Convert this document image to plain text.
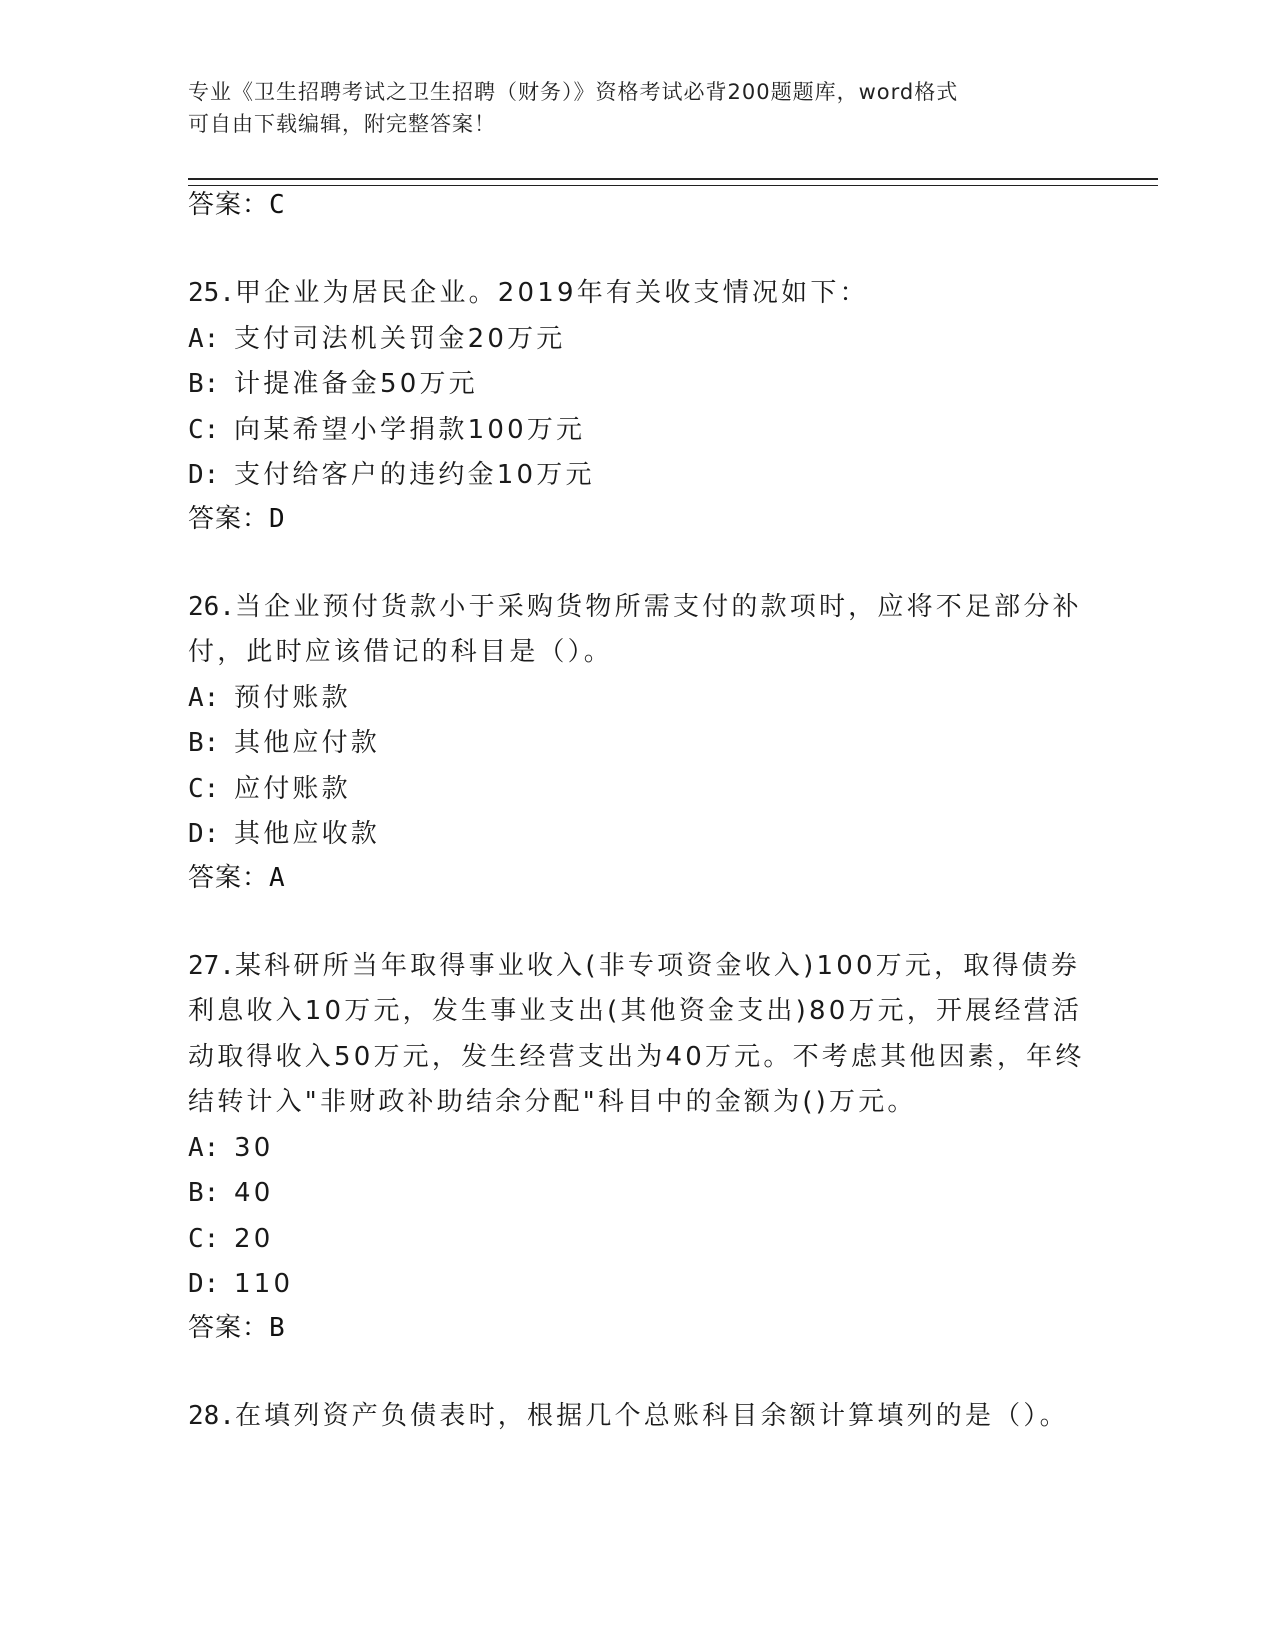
专业《卫生招聘考试之卫生招聘（财务）》资格考试必背200题题库，word格式
可自由下载编辑，附完整答案！
答案： C
25.甲企业为居民企业。2019年有关收支情况如下：
A: 支付司法机关罚金20万元
B: 计提准备金50万元
C: 向某希望小学捐款100万元
D: 支付给客户的违约金10万元
答案： D
26.当企业预付货款小于采购货物所需支付的款项时，应将不足部分补付，此时应该借记的科目是（）。
A: 预付账款
B: 其他应付款
C: 应付账款
D: 其他应收款
答案： A
27.某科研所当年取得事业收入(非专项资金收入)100万元，取得债券利息收入10万元，发生事业支出(其他资金支出)80万元，开展经营活动取得收入50万元，发生经营支出为40万元。不考虑其他因素，年终结转计入"非财政补助结余分配"科目中的金额为()万元。
A: 30
B: 40
C: 20
D: 110
答案： B
28.在填列资产负债表时，根据几个总账科目余额计算填列的是（）。
